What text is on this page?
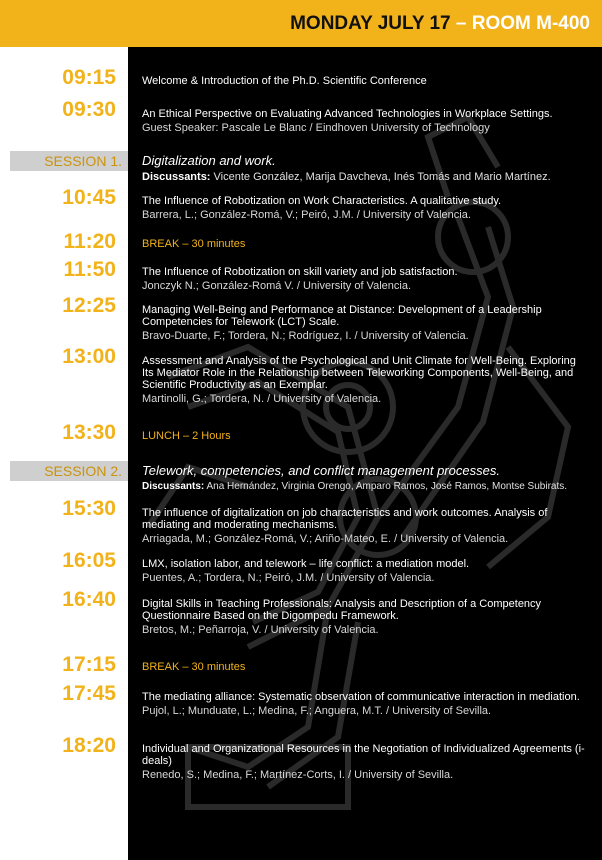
MONDAY JULY 17 – ROOM M-400
09:15
09:30
10:45
11:20
11:50
12:25
13:00
13:30
15:30
16:05
16:40
17:15
17:45
18:20
SESSION 1.
SESSION 2.
Welcome & Introduction of the Ph.D. Scientific Conference
An Ethical Perspective on Evaluating Advanced Technologies in Workplace Settings.
Guest Speaker: Pascale Le Blanc / Eindhoven University of Technology
Digitalization and work.
Discussants: Vicente González, Marija Davcheva, Inés Tomás and Mario Martínez.
The Influence of Robotization on Work Characteristics. A qualitative study.
Barrera, L.; González-Romá, V.; Peiró, J.M. / University of Valencia.
BREAK – 30 minutes
The Influence of Robotization on skill variety and job satisfaction.
Jonczyk N.; González-Romá V. / University of Valencia.
Managing Well-Being and Performance at Distance: Development of a Leadership Competencies for Telework (LCT) Scale.
Bravo-Duarte, F.; Tordera, N.; Rodríguez, I. / University of Valencia.
Assessment and Analysis of the Psychological and Unit Climate for Well-Being. Exploring Its Mediator Role in the Relationship between Teleworking Components, Well-Being, and Scientific Productivity as an Exemplar.
Martinolli, G.; Tordera, N. / University of Valencia.
LUNCH – 2 Hours
Telework, competencies, and conflict management processes.
Discussants: Ana Hernández, Virginia Orengo, Amparo Ramos, José Ramos, Montse Subirats.
The influence of digitalization on job characteristics and work outcomes. Analysis of mediating and moderating mechanisms.
Arriagada, M.; González-Romá, V.; Ariño-Mateo, E. / University of Valencia.
LMX, isolation labor, and telework – life conflict: a mediation model.
Puentes, A.; Tordera, N.; Peiró, J.M. / University of Valencia.
Digital Skills in Teaching Professionals: Analysis and Description of a Competency Questionnaire Based on the Digompedu Framework.
Bretos, M.; Peñarroja, V. / University of Valencia.
BREAK – 30 minutes
The mediating alliance: Systematic observation of communicative interaction in mediation.
Pujol, L.; Munduate, L.; Medina, F.; Anguera, M.T. / University of Sevilla.
Individual and Organizational Resources in the Negotiation of Individualized Agreements (i-deals)
Renedo, S.; Medina, F.; Martínez-Corts, I. / University of Sevilla.
